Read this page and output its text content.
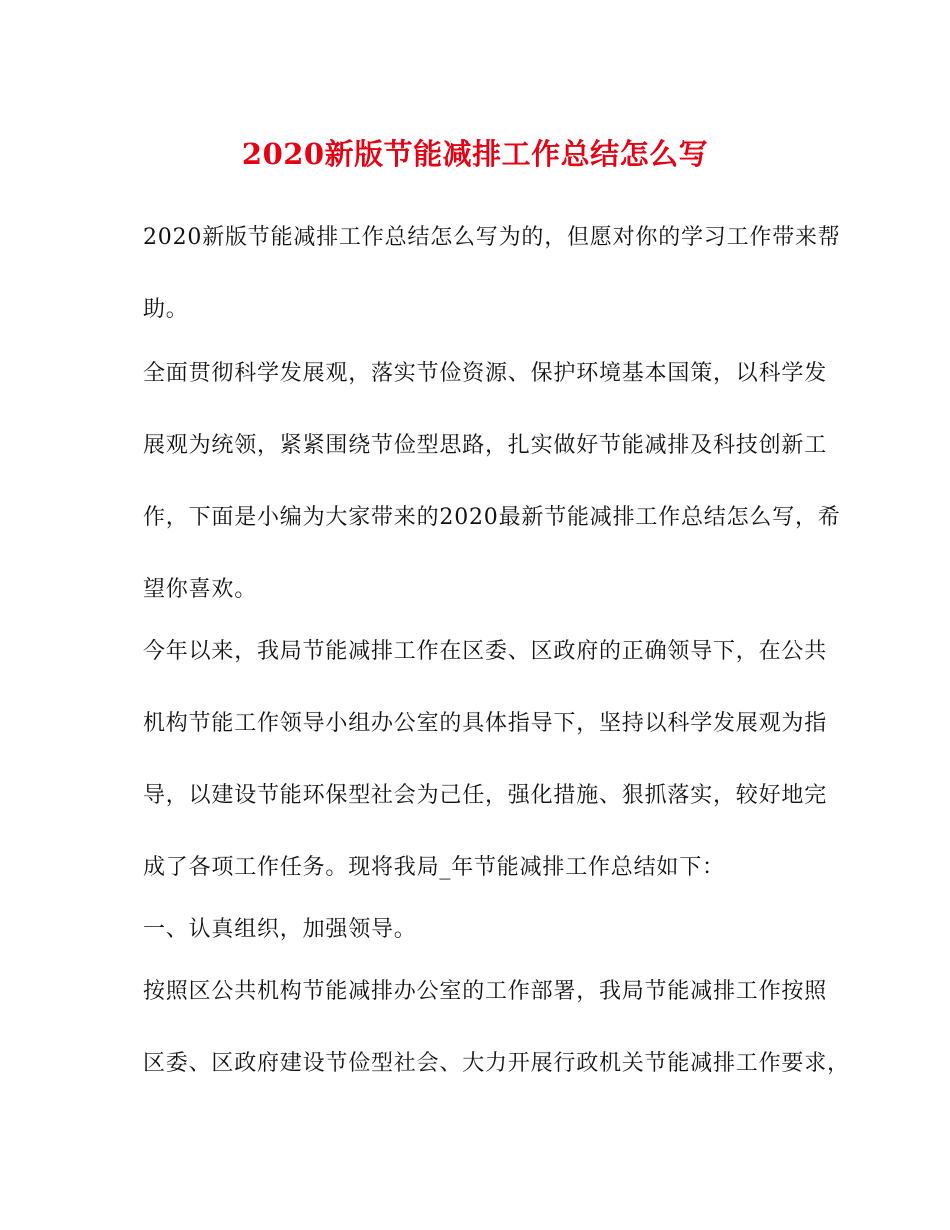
2020新版节能减排工作总结怎么写
2020新版节能减排工作总结怎么写为的，但愿对你的学习工作带来帮
助。
全面贯彻科学发展观，落实节俭资源、保护环境基本国策，以科学发
展观为统领，紧紧围绕节俭型思路，扎实做好节能减排及科技创新工
作，下面是小编为大家带来的2020最新节能减排工作总结怎么写，希
望你喜欢。
今年以来，我局节能减排工作在区委、区政府的正确领导下，在公共
机构节能工作领导小组办公室的具体指导下，坚持以科学发展观为指
导，以建设节能环保型社会为己任，强化措施、狠抓落实，较好地完
成了各项工作任务。现将我局_年节能减排工作总结如下：
一、认真组织，加强领导。
按照区公共机构节能减排办公室的工作部署，我局节能减排工作按照
区委、区政府建设节俭型社会、大力开展行政机关节能减排工作要求，
